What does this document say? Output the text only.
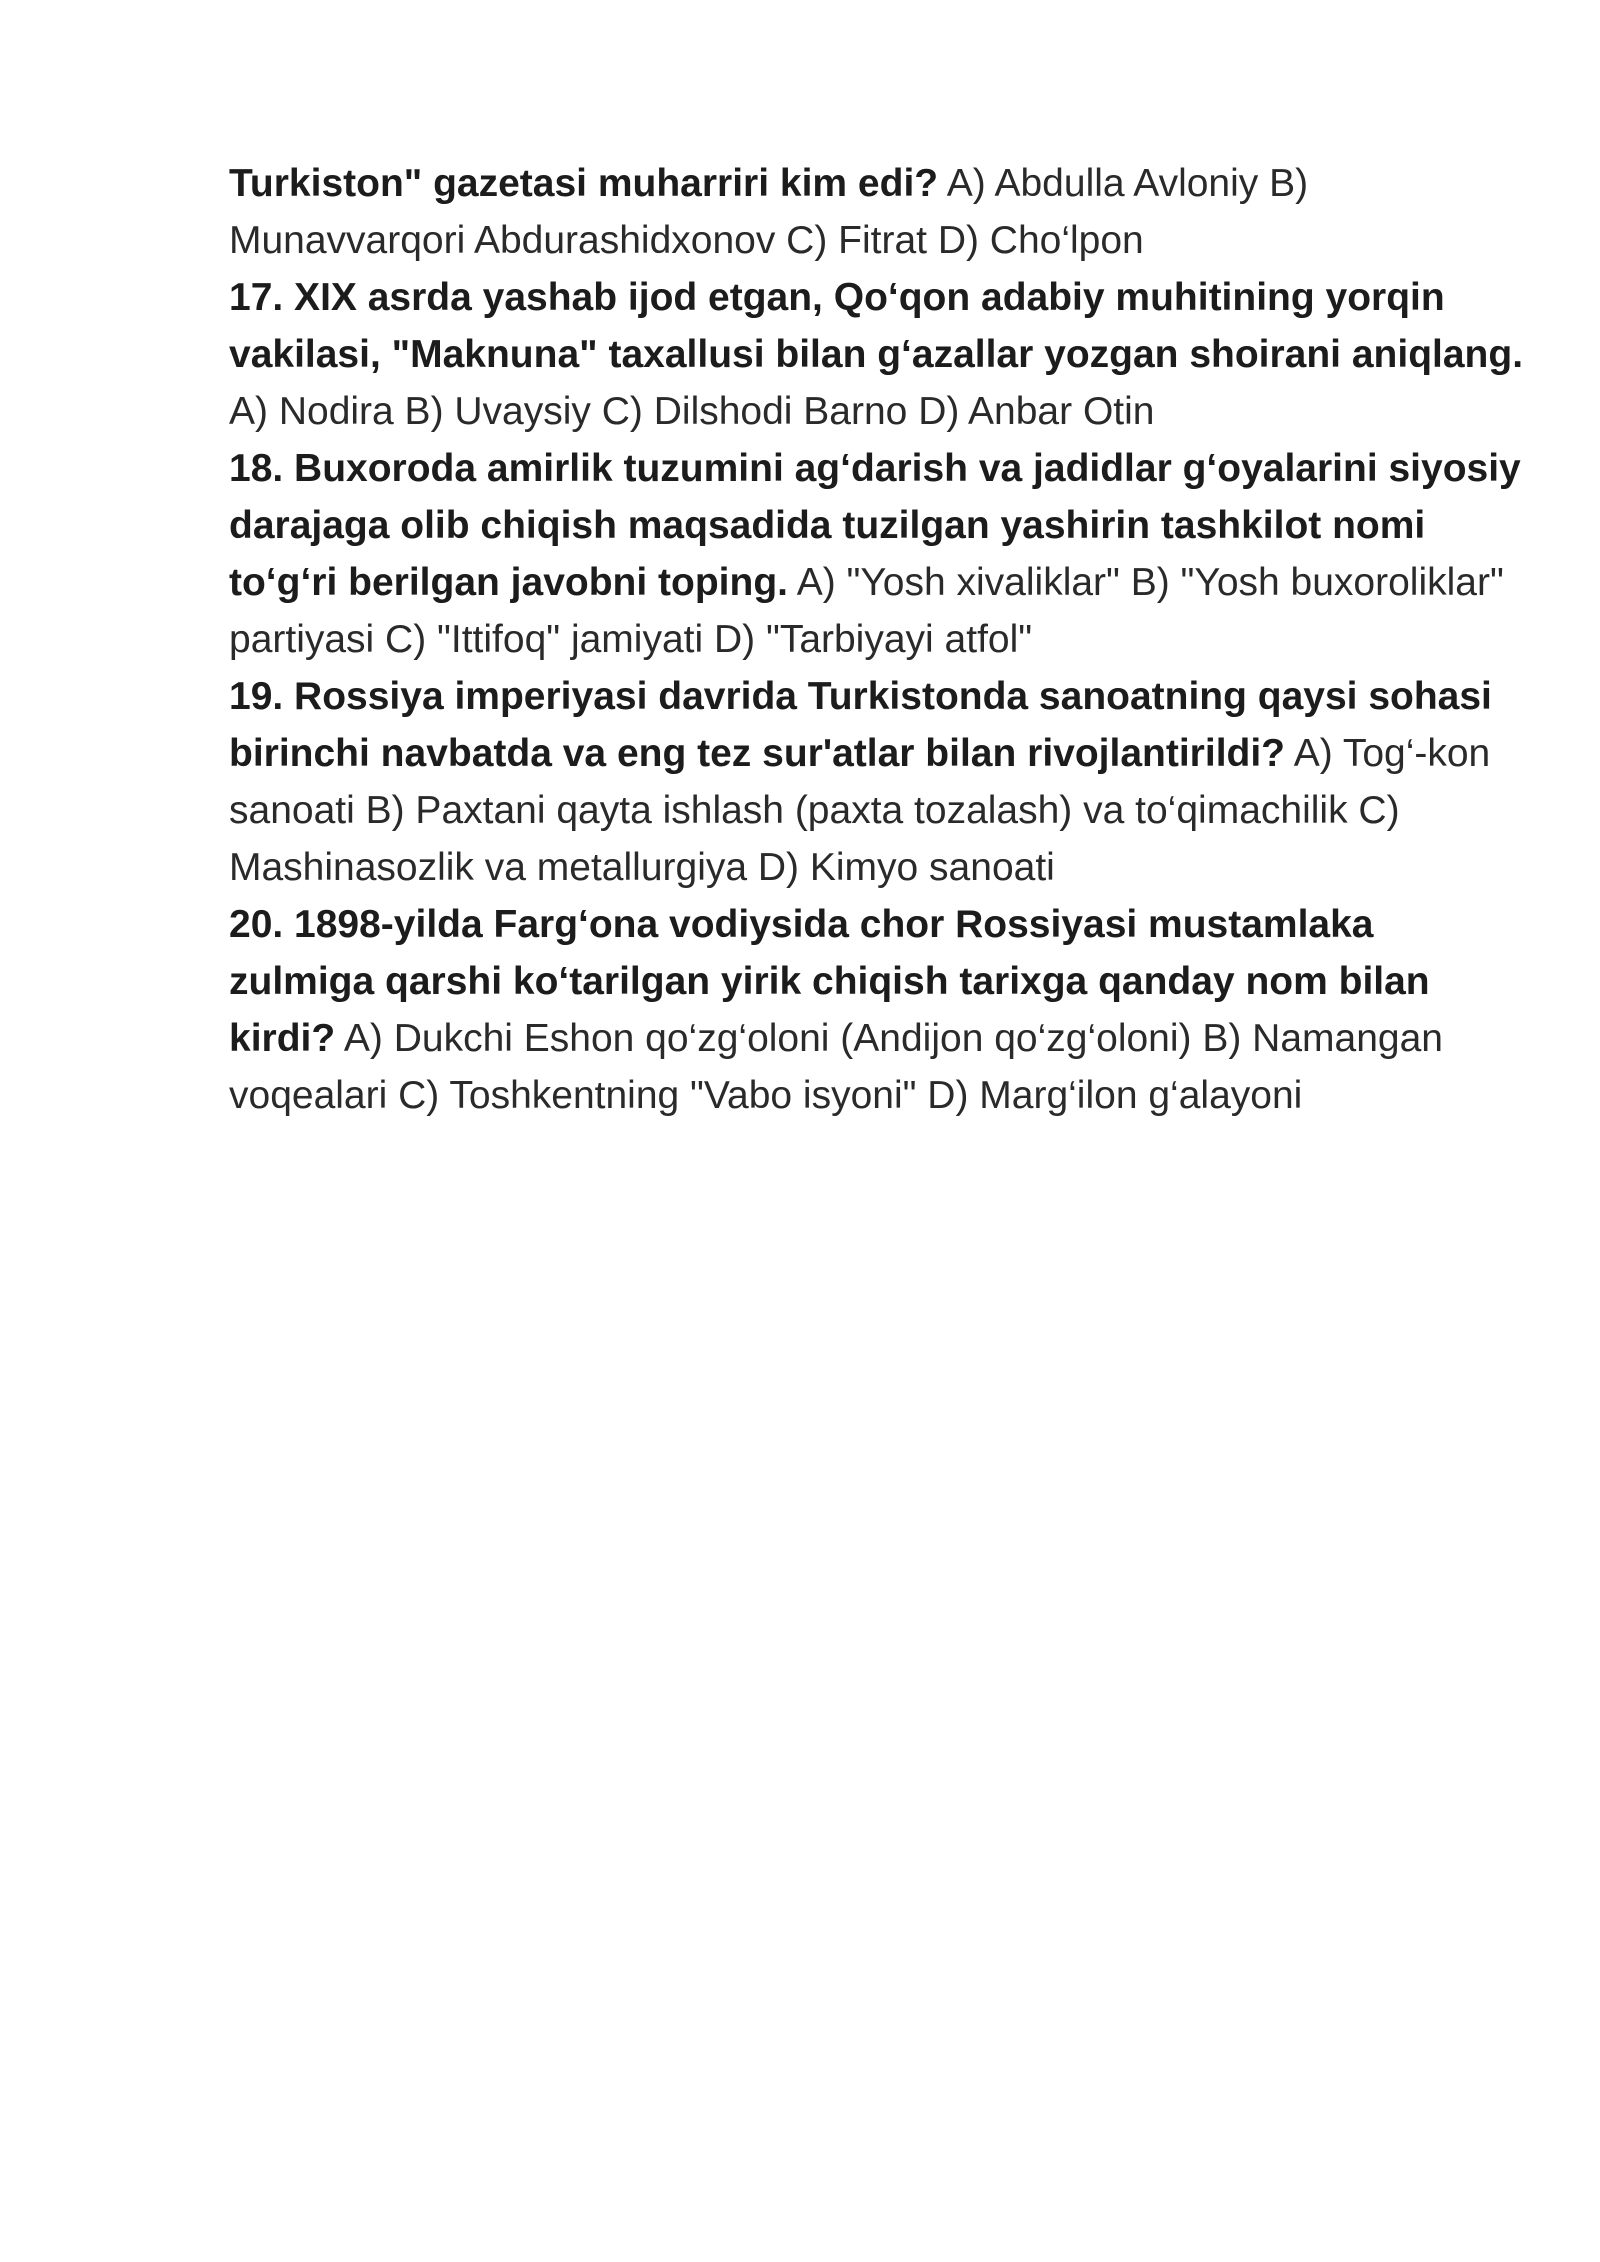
Turkiston" gazetasi muharriri kim edi? A) Abdulla Avloniy B) Munavvarqori Abdurashidxonov C) Fitrat D) Cho‘lpon

17. XIX asrda yashab ijod etgan, Qo‘qon adabiy muhitining yorqin vakilasi, "Maknuna" taxallusi bilan g‘azallar yozgan shoirani aniqlang. A) Nodira B) Uvaysiy C) Dilshodi Barno D) Anbar Otin

18. Buxoroda amirlik tuzumini ag‘darish va jadidlar g‘oyalarini siyosiy darajaga olib chiqish maqsadida tuzilgan yashirin tashkilot nomi to‘g‘ri berilgan javobni toping. A) "Yosh xivaliklar" B) "Yosh buxoroliklar" partiyasi C) "Ittifoq" jamiyati D) "Tarbiyayi atfol"

19. Rossiya imperiyasi davrida Turkistonda sanoatning qaysi sohasi birinchi navbatda va eng tez sur'atlar bilan rivojlantirildi? A) Tog‘-kon sanoati B) Paxtani qayta ishlash (paxta tozalash) va to‘qimachilik C) Mashinasozlik va metallurgiya D) Kimyo sanoati

20. 1898-yilda Farg‘ona vodiysida chor Rossiyasi mustamlaka zulmiga qarshi ko‘tarilgan yirik chiqish tarixga qanday nom bilan kirdi? A) Dukchi Eshon qo‘zg‘oloni (Andijon qo‘zg‘oloni) B) Namangan voqealari C) Toshkentning "Vabo isyoni" D) Marg‘ilon g‘alayoni
